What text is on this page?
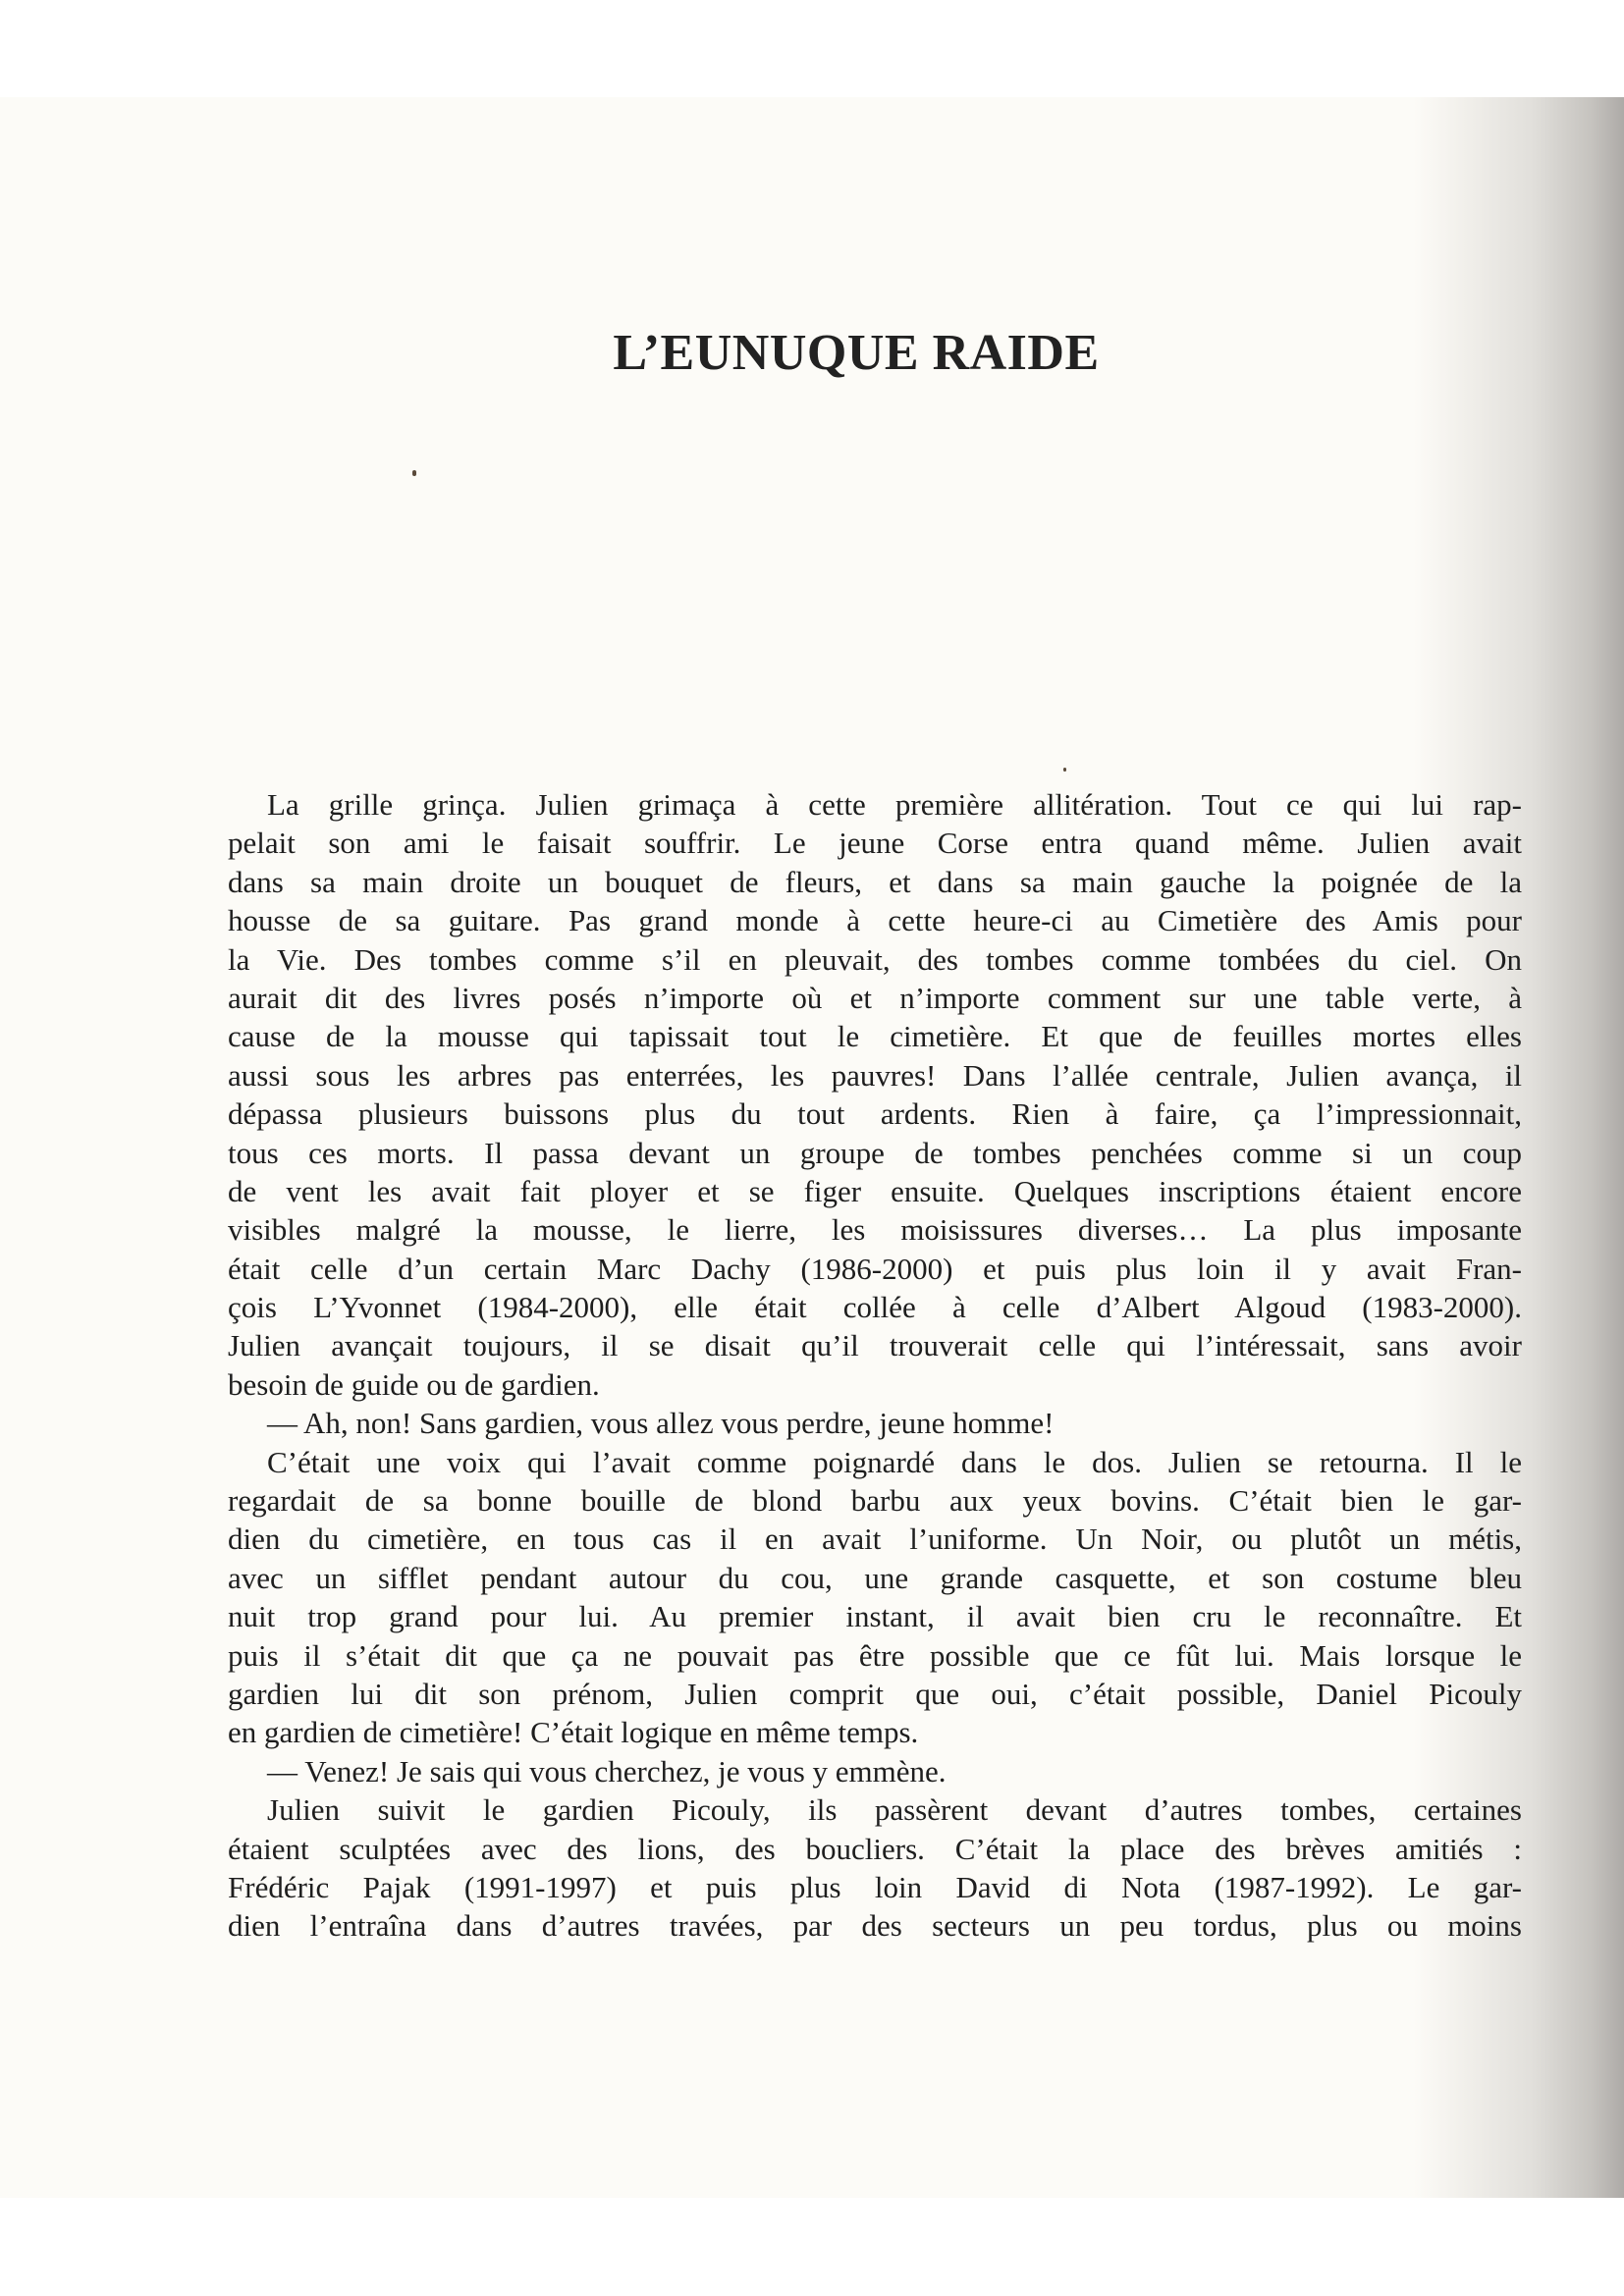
L’EUNUQUE RAIDE
La grille grinça. Julien grimaça à cette première allitération. Tout ce qui lui rap-
pelait son ami le faisait souffrir. Le jeune Corse entra quand même. Julien avait
dans sa main droite un bouquet de fleurs, et dans sa main gauche la poignée de la
housse de sa guitare. Pas grand monde à cette heure-ci au Cimetière des Amis pour
la Vie. Des tombes comme s’il en pleuvait, des tombes comme tombées du ciel. On
aurait dit des livres posés n’importe où et n’importe comment sur une table verte, à
cause de la mousse qui tapissait tout le cimetière. Et que de feuilles mortes elles
aussi sous les arbres pas enterrées, les pauvres! Dans l’allée centrale, Julien avança, il
dépassa plusieurs buissons plus du tout ardents. Rien à faire, ça l’impressionnait,
tous ces morts. Il passa devant un groupe de tombes penchées comme si un coup
de vent les avait fait ployer et se figer ensuite. Quelques inscriptions étaient encore
visibles malgré la mousse, le lierre, les moisissures diverses… La plus imposante
était celle d’un certain Marc Dachy (1986-2000) et puis plus loin il y avait Fran-
çois L’Yvonnet (1984-2000), elle était collée à celle d’Albert Algoud (1983-2000).
Julien avançait toujours, il se disait qu’il trouverait celle qui l’intéressait, sans avoir
besoin de guide ou de gardien.
— Ah, non! Sans gardien, vous allez vous perdre, jeune homme!
C’était une voix qui l’avait comme poignardé dans le dos. Julien se retourna. Il le
regardait de sa bonne bouille de blond barbu aux yeux bovins. C’était bien le gar-
dien du cimetière, en tous cas il en avait l’uniforme. Un Noir, ou plutôt un métis,
avec un sifflet pendant autour du cou, une grande casquette, et son costume bleu
nuit trop grand pour lui. Au premier instant, il avait bien cru le reconnaître. Et
puis il s’était dit que ça ne pouvait pas être possible que ce fût lui. Mais lorsque le
gardien lui dit son prénom, Julien comprit que oui, c’était possible, Daniel Picouly
en gardien de cimetière! C’était logique en même temps.
— Venez! Je sais qui vous cherchez, je vous y emmène.
Julien suivit le gardien Picouly, ils passèrent devant d’autres tombes, certaines
étaient sculptées avec des lions, des boucliers. C’était la place des brèves amitiés :
Frédéric Pajak (1991-1997) et puis plus loin David di Nota (1987-1992). Le gar-
dien l’entraîna dans d’autres travées, par des secteurs un peu tordus, plus ou moins
